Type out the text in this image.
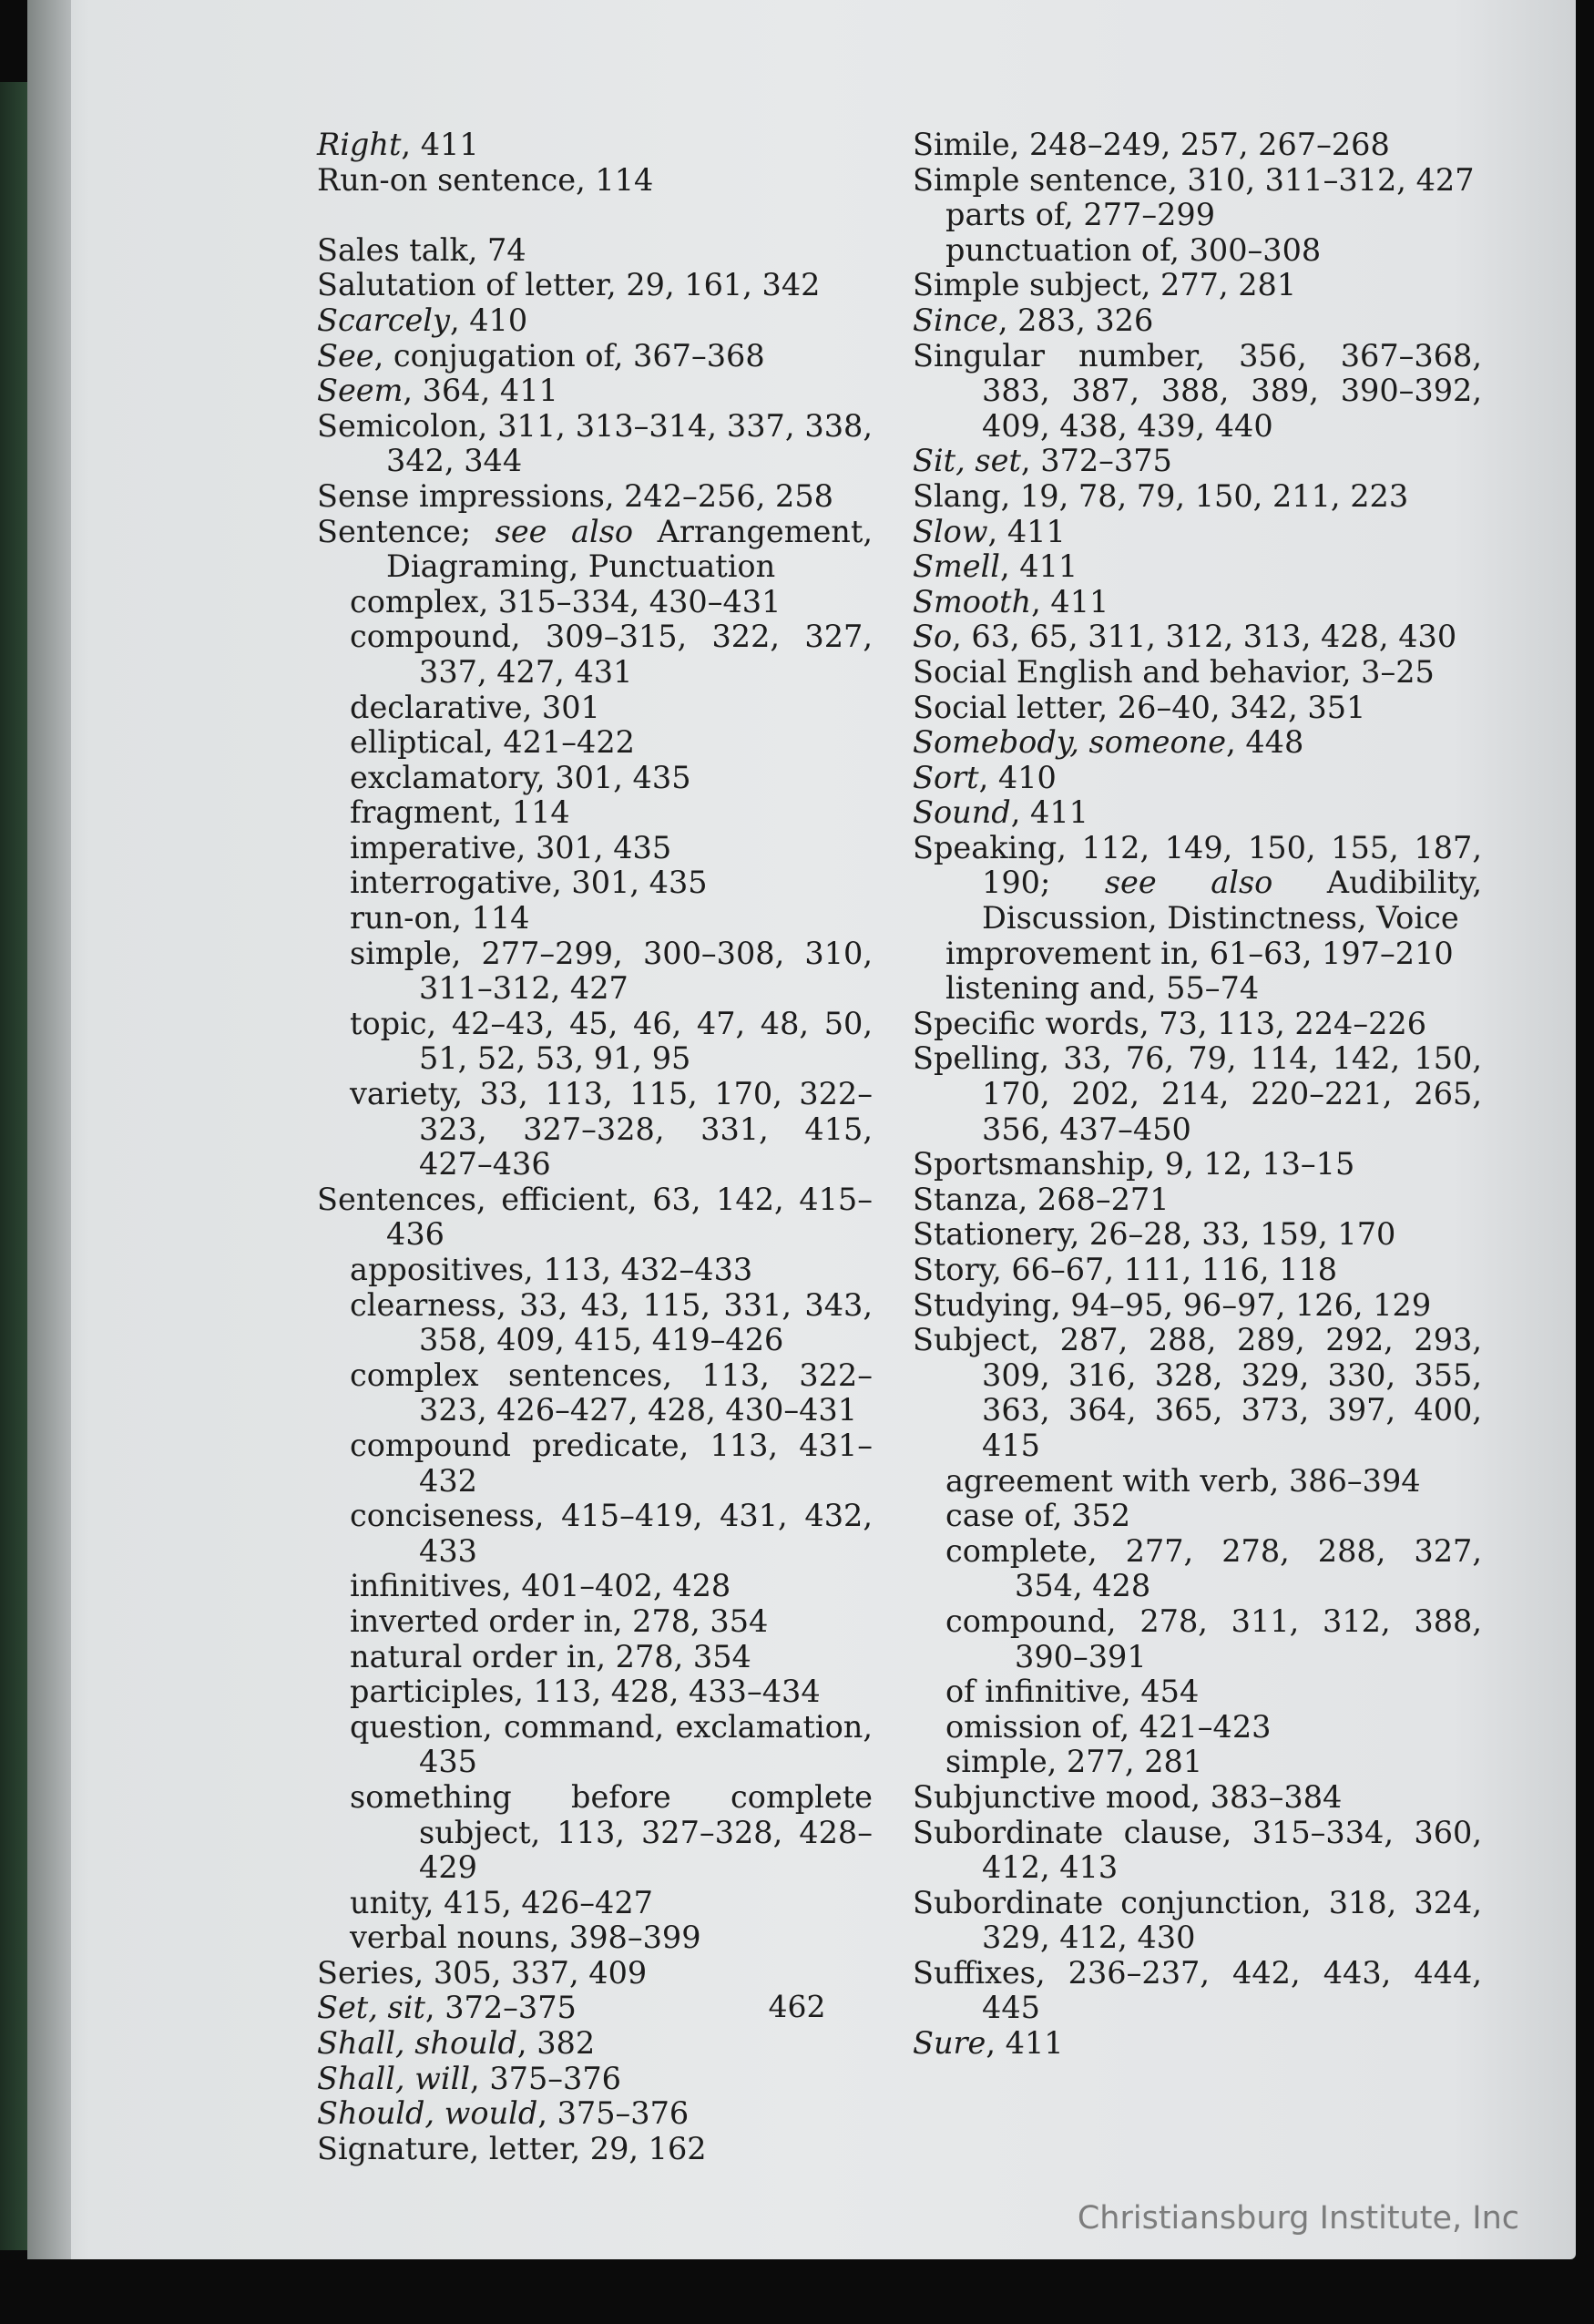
Right, 411
Run-on sentence, 114
Sales talk, 74
Salutation of letter, 29, 161, 342
Scarcely, 410
See, conjugation of, 367–368
Seem, 364, 411
Semicolon, 311, 313–314, 337, 338, 342, 344
Sense impressions, 242–256, 258
Sentence; see also Arrangement, Diagraming, Punctuation
complex, 315–334, 430–431
compound, 309–315, 322, 327, 337, 427, 431
declarative, 301
elliptical, 421–422
exclamatory, 301, 435
fragment, 114
imperative, 301, 435
interrogative, 301, 435
run-on, 114
simple, 277–299, 300–308, 310, 311–312, 427
topic, 42–43, 45, 46, 47, 48, 50, 51, 52, 53, 91, 95
variety, 33, 113, 115, 170, 322–323, 327–328, 331, 415, 427–436
Sentences, efficient, 63, 142, 415–436
appositives, 113, 432–433
clearness, 33, 43, 115, 331, 343, 358, 409, 415, 419–426
complex sentences, 113, 322–323, 426–427, 428, 430–431
compound predicate, 113, 431–432
conciseness, 415–419, 431, 432, 433
infinitives, 401–402, 428
inverted order in, 278, 354
natural order in, 278, 354
participles, 113, 428, 433–434
question, command, exclamation, 435
something before complete subject, 113, 327–328, 428–429
unity, 415, 426–427
verbal nouns, 398–399
Series, 305, 337, 409
Set, sit, 372–375
Shall, should, 382
Shall, will, 375–376
Should, would, 375–376
Signature, letter, 29, 162
Simile, 248–249, 257, 267–268
Simple sentence, 310, 311–312, 427
parts of, 277–299
punctuation of, 300–308
Simple subject, 277, 281
Since, 283, 326
Singular number, 356, 367–368, 383, 387, 388, 389, 390–392, 409, 438, 439, 440
Sit, set, 372–375
Slang, 19, 78, 79, 150, 211, 223
Slow, 411
Smell, 411
Smooth, 411
So, 63, 65, 311, 312, 313, 428, 430
Social English and behavior, 3–25
Social letter, 26–40, 342, 351
Somebody, someone, 448
Sort, 410
Sound, 411
Speaking, 112, 149, 150, 155, 187, 190; see also Audibility, Discussion, Distinctness, Voice
improvement in, 61–63, 197–210
listening and, 55–74
Specific words, 73, 113, 224–226
Spelling, 33, 76, 79, 114, 142, 150, 170, 202, 214, 220–221, 265, 356, 437–450
Sportsmanship, 9, 12, 13–15
Stanza, 268–271
Stationery, 26–28, 33, 159, 170
Story, 66–67, 111, 116, 118
Studying, 94–95, 96–97, 126, 129
Subject, 287, 288, 289, 292, 293, 309, 316, 328, 329, 330, 355, 363, 364, 365, 373, 397, 400, 415
agreement with verb, 386–394
case of, 352
complete, 277, 278, 288, 327, 354, 428
compound, 278, 311, 312, 388, 390–391
of infinitive, 454
omission of, 421–423
simple, 277, 281
Subjunctive mood, 383–384
Subordinate clause, 315–334, 360, 412, 413
Subordinate conjunction, 318, 324, 329, 412, 430
Suffixes, 236–237, 442, 443, 444, 445
Sure, 411
462
Christiansburg Institute, Inc
